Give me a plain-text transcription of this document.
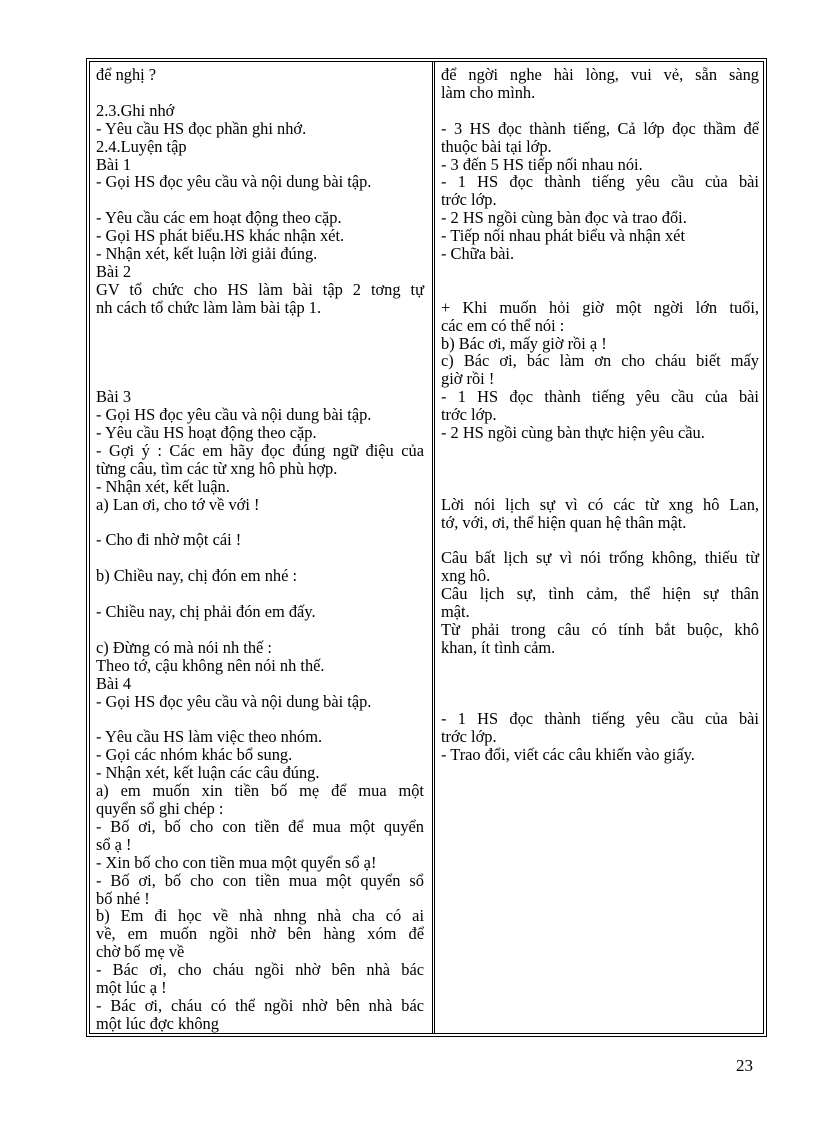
để nghị ?
2.3.Ghi nhớ
- Yêu cầu HS đọc phần ghi nhớ.
2.4.Luyện tập
Bài 1
- Gọi HS đọc yêu cầu và nội dung bài tập.
- Yêu cầu các em hoạt động theo cặp.
- Gọi HS phát biểu.HS khác nhận xét.
- Nhận xét, kết luận lời giải đúng.
Bài 2
GV tổ chức cho HS làm bài tập 2 tơng tự
nh cách tổ chức làm làm bài tập 1.
Bài 3
- Gọi HS đọc yêu cầu và nội dung bài tập.
- Yêu cầu HS hoạt động theo cặp.
- Gợi ý : Các em hãy đọc đúng ngữ điệu của
từng câu, tìm các từ xng hô phù hợp.
- Nhận xét, kết luận.
a) Lan ơi, cho tớ về với !
- Cho đi nhờ một cái !
b) Chiều nay, chị đón em nhé :
- Chiều nay, chị phải đón em đấy.
c) Đừng có mà nói nh thế :
Theo tớ, cậu không nên nói nh thế.
Bài 4
- Gọi HS đọc yêu cầu và nội dung bài tập.
- Yêu cầu HS làm việc theo nhóm.
- Gọi các nhóm khác bổ sung.
- Nhận xét, kết luận các câu đúng.
a) em muốn xin tiền bố mẹ để mua một
quyển sổ ghi chép :
- Bố ơi, bố cho con tiền để mua một quyển
sổ ạ !
- Xin bố cho con tiền mua một quyển sổ ạ!
- Bố ơi, bố cho con tiền mua một quyển sổ
bố nhé !
b) Em đi học về nhà nhng nhà cha có ai
về, em muốn ngồi nhờ bên hàng xóm để
chờ bố mẹ về
- Bác ơi, cho cháu ngồi nhờ bên nhà bác
một lúc ạ !
- Bác ơi, cháu có thể ngồi nhờ bên nhà bác
một lúc đợc không
để ngời nghe hài lòng, vui vẻ, sẵn sàng
làm cho mình.
- 3 HS đọc thành tiếng, Cả lớp đọc thầm để
thuộc bài tại lớp.
- 3 đến 5 HS tiếp nối nhau nói.
- 1 HS đọc thành tiếng yêu cầu của bài
trớc lớp.
- 2 HS ngồi cùng bàn đọc và trao đổi.
- Tiếp nối nhau phát biểu và nhận xét
- Chữa bài.
+ Khi muốn hỏi giờ một ngời lớn tuổi,
các em có thể nói :
b) Bác ơi, mấy giờ rồi ạ !
c) Bác ơi, bác làm ơn cho cháu biết mấy
giờ rồi !
- 1 HS đọc thành tiếng yêu cầu của bài
trớc lớp.
- 2 HS ngồi cùng bàn thực hiện yêu cầu.
Lời nói lịch sự vì có các từ xng hô Lan,
tớ, với, ơi, thể hiện quan hệ thân mật.
Câu bất lịch sự vì nói trống không, thiếu từ
xng hô.
Câu lịch sự, tình cảm, thể hiện sự thân
mật.
Từ phải trong câu có tính bắt buộc, khô
khan, ít tình cảm.
- 1 HS đọc thành tiếng yêu cầu của bài
trớc lớp.
- Trao đổi, viết các câu khiến vào giấy.
23
